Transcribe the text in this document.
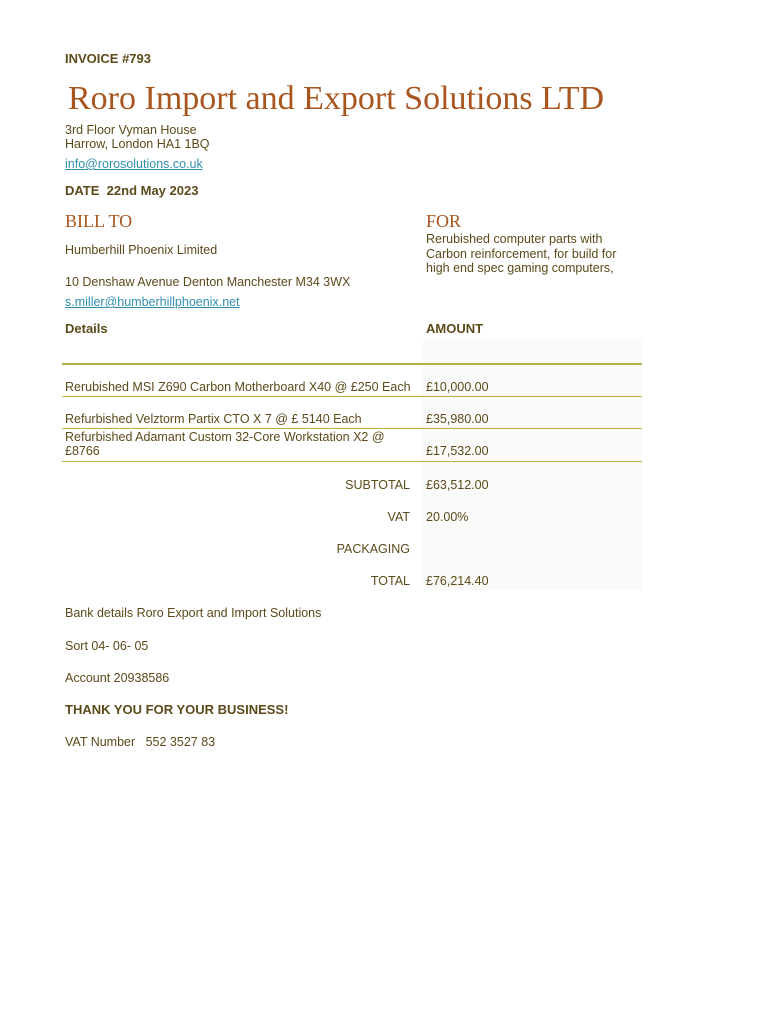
INVOICE #793
Roro Import and Export Solutions LTD
3rd Floor Vyman House
Harrow, London HA1 1BQ
info@rorosolutions.co.uk
DATE 22nd May 2023
BILL TO	FOR
Humberhill Phoenix Limited
10 Denshaw Avenue Denton Manchester M34 3WX
s.miller@humberhillphoenix.net
Rerubished computer parts with Carbon reinforcement, for build for high end spec gaming computers,
Details	AMOUNT
Rerubished MSI Z690 Carbon Motherboard X40 @ £250 Each	£10,000.00
Refurbished Velztorm Partix CTO X 7 @ £ 5140 Each	£35,980.00
Refurbished Adamant Custom 32-Core Workstation X2 @ £8766	£17,532.00
SUBTOTAL £63,512.00
VAT 20.00%
PACKAGING
TOTAL £76,214.40
Bank details Roro Export and Import Solutions
Sort 04- 06- 05
Account 20938586
THANK YOU FOR YOUR BUSINESS!
VAT Number 552 3527 83
